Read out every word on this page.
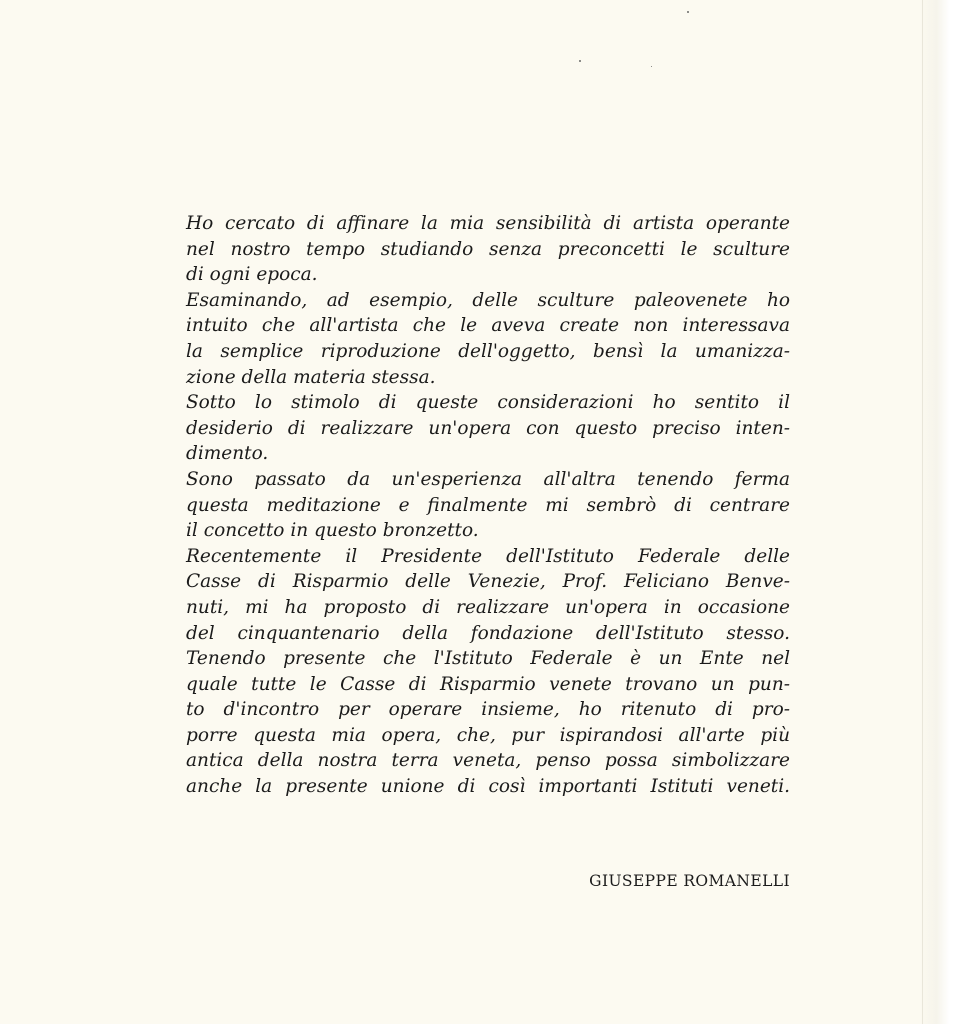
Ho cercato di affinare la mia sensibilità di artista operante
nel nostro tempo studiando senza preconcetti le sculture
di ogni epoca.
Esaminando, ad esempio, delle sculture paleovenete ho
intuito che all'artista che le aveva create non interessava
la semplice riproduzione dell'oggetto, bensì la umanizza-
zione della materia stessa.
Sotto lo stimolo di queste considerazioni ho sentito il
desiderio di realizzare un'opera con questo preciso inten-
dimento.
Sono passato da un'esperienza all'altra tenendo ferma
questa meditazione e finalmente mi sembrò di centrare
il concetto in questo bronzetto.
Recentemente il Presidente dell'Istituto Federale delle
Casse di Risparmio delle Venezie, Prof. Feliciano Benve-
nuti, mi ha proposto di realizzare un'opera in occasione
del cinquantenario della fondazione dell'Istituto stesso.
Tenendo presente che l'Istituto Federale è un Ente nel
quale tutte le Casse di Risparmio venete trovano un pun-
to d'incontro per operare insieme, ho ritenuto di pro-
porre questa mia opera, che, pur ispirandosi all'arte più
antica della nostra terra veneta, penso possa simbolizzare
anche la presente unione di così importanti Istituti veneti.
GIUSEPPE ROMANELLI
